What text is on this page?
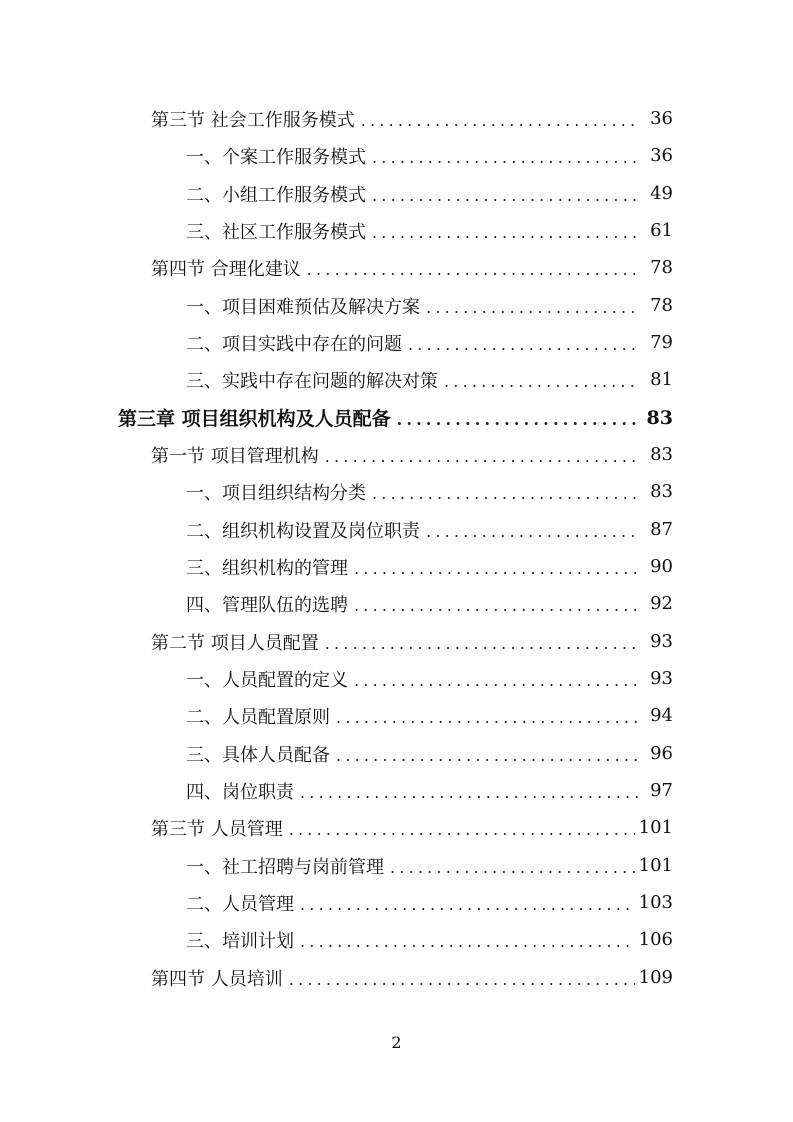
第三节 社会工作服务模式 .....	36
一、个案工作服务模式 .....	36
二、小组工作服务模式 .....	49
三、社区工作服务模式 .....	61
第四节 合理化建议 .....	78
一、项目困难预估及解决方案 .....	78
二、项目实践中存在的问题 .....	79
三、实践中存在问题的解决对策 .....	81
第三章 项目组织机构及人员配备 .....	83
第一节 项目管理机构 .....	83
一、项目组织结构分类 .....	83
二、组织机构设置及岗位职责 .....	87
三、组织机构的管理 .....	90
四、管理队伍的选聘 .....	92
第二节 项目人员配置 .....	93
一、人员配置的定义 .....	93
二、人员配置原则 .....	94
三、具体人员配备 .....	96
四、岗位职责 .....	97
第三节 人员管理 .....	101
一、社工招聘与岗前管理 .....	101
二、人员管理 .....	103
三、培训计划 .....	106
第四节 人员培训 .....	109
2
